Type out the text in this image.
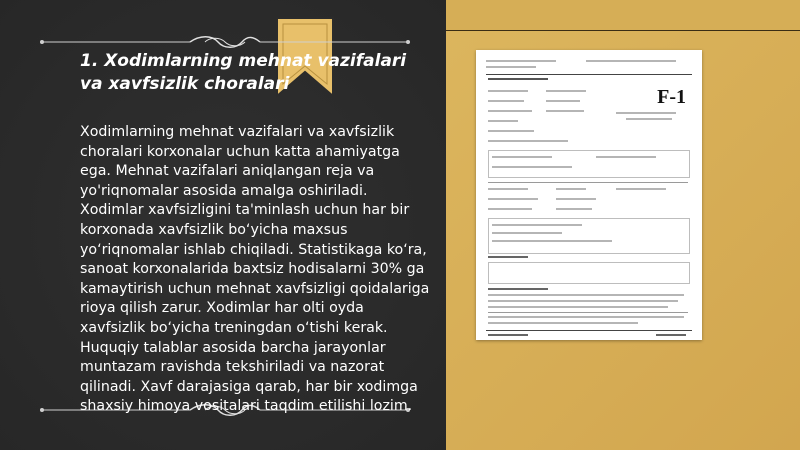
1. Xodimlarning mehnat vazifalari va xavfsizlik choralari
Xodimlarning mehnat vazifalari va xavfsizlik choralari korxonalar uchun katta ahamiyatga ega. Mehnat vazifalari aniqlangan reja va yo'riqnomalar asosida amalga oshiriladi. Xodimlar xavfsizligini ta'minlash uchun har bir korxonada xavfsizlik bo‘yicha maxsus yo‘riqnomalar ishlab chiqiladi. Statistikaga ko‘ra, sanoat korxonalarida baxtsiz hodisalarni 30% ga kamaytirish uchun mehnat xavfsizligi qoidalariga rioya qilish zarur. Xodimlar har olti oyda xavfsizlik bo‘yicha treningdan o‘tishi kerak. Huquqiy talablar asosida barcha jarayonlar muntazam ravishda tekshiriladi va nazorat qilinadi. Xavf darajasiga qarab, har bir xodimga shaxsiy himoya vositalari taqdim etilishi lozim.
F-1
